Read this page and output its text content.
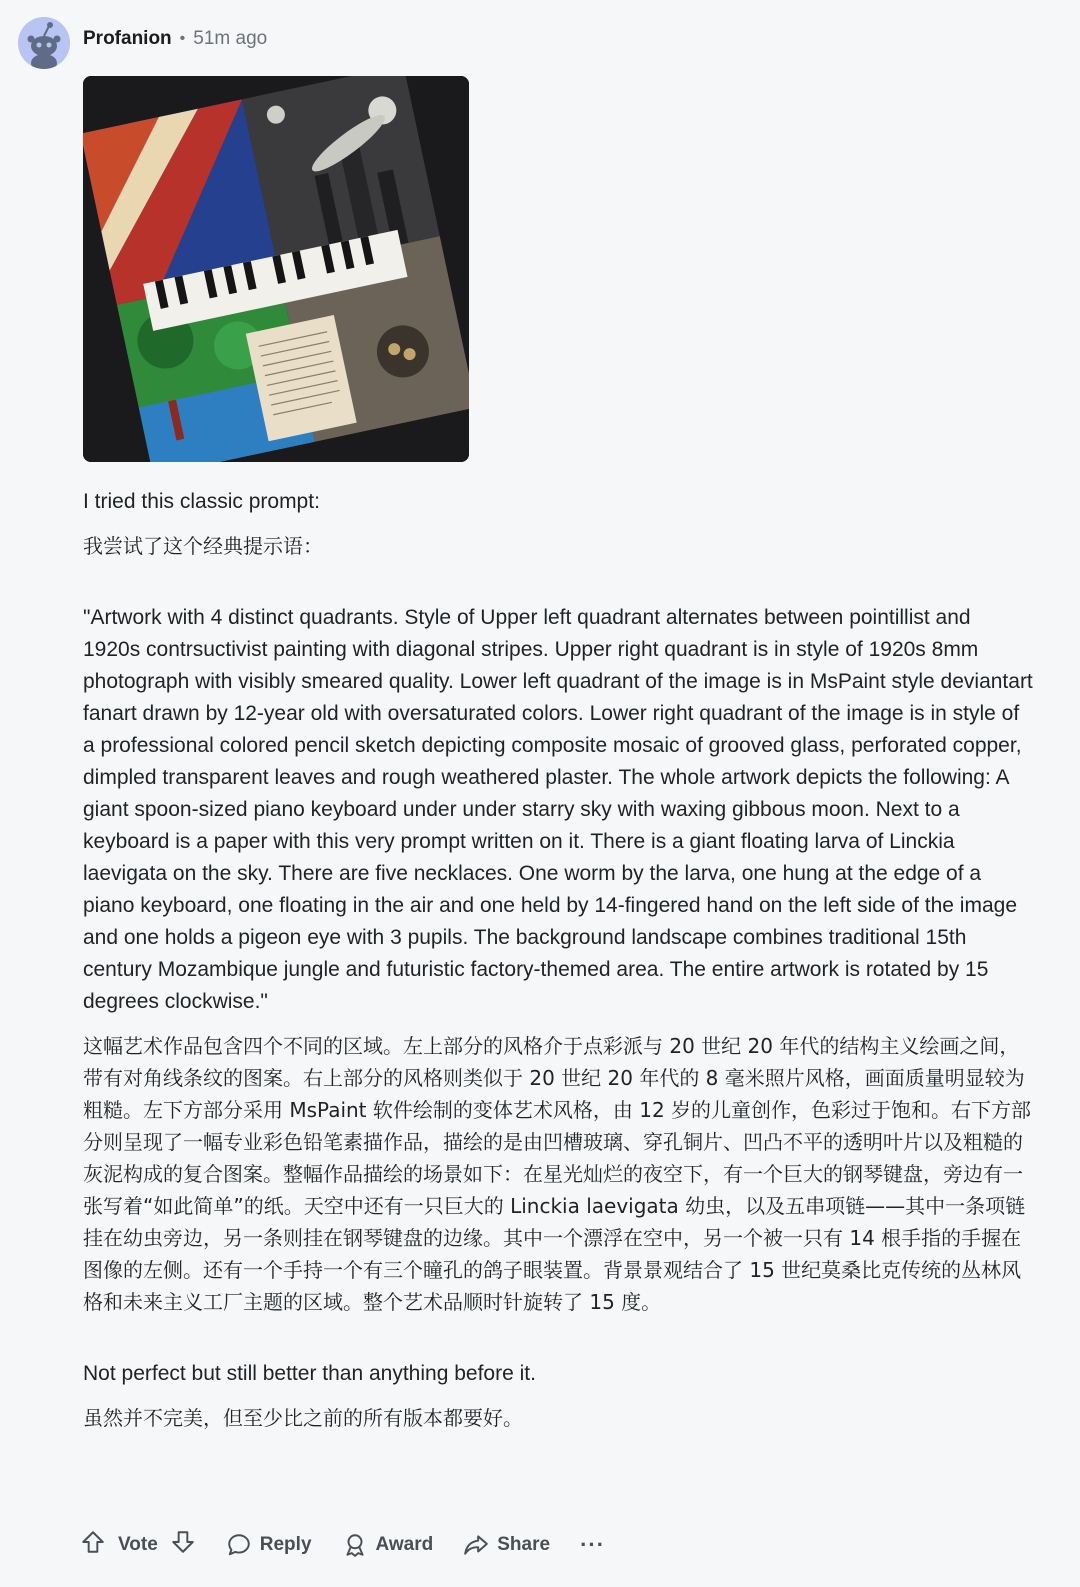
Profanion • 51m ago

I tried this classic prompt:

我尝试了这个经典提示语：

"Artwork with 4 distinct quadrants. Style of Upper left quadrant alternates between pointillist and 1920s contrsuctivist painting with diagonal stripes. Upper right quadrant is in style of 1920s 8mm photograph with visibly smeared quality. Lower left quadrant of the image is in MsPaint style deviantart fanart drawn by 12-year old with oversaturated colors. Lower right quadrant of the image is in style of a professional colored pencil sketch depicting composite mosaic of grooved glass, perforated copper, dimpled transparent leaves and rough weathered plaster. The whole artwork depicts the following: A giant spoon-sized piano keyboard under under starry sky with waxing gibbous moon. Next to a keyboard is a paper with this very prompt written on it. There is a giant floating larva of Linckia laevigata on the sky. There are five necklaces. One worm by the larva, one hung at the edge of a piano keyboard, one floating in the air and one held by 14-fingered hand on the left side of the image and one holds a pigeon eye with 3 pupils. The background landscape combines traditional 15th century Mozambique jungle and futuristic factory-themed area. The entire artwork is rotated by 15 degrees clockwise."

这幅艺术作品包含四个不同的区域。左上部分的风格介于点彩派与 20 世纪 20 年代的结构主义绘画之间，带有对角线条纹的图案。右上部分的风格则类似于 20 世纪 20 年代的 8 毫米照片风格，画面质量明显较为粗糙。左下方部分采用 MsPaint 软件绘制的变体艺术风格，由 12 岁的儿童创作，色彩过于饱和。右下方部分则呈现了一幅专业彩色铅笔素描作品，描绘的是由凹槽玻璃、穿孔铜片、凹凸不平的透明叶片以及粗糙的灰泥构成的复合图案。整幅作品描绘的场景如下：在星光灿烂的夜空下，有一个巨大的钢琴键盘，旁边有一张写着“如此简单”的纸。天空中还有一只巨大的 Linckia laevigata 幼虫，以及五串项链——其中一条项链挂在幼虫旁边，另一条则挂在钢琴键盘的边缘。其中一个漂浮在空中，另一个被一只有 14 根手指的手握在图像的左侧。还有一个手持一个有三个瞳孔的鸽子眼装置。背景景观结合了 15 世纪莫桑比克传统的丛林风格和未来主义工厂主题的区域。整个艺术品顺时针旋转了 15 度。

Not perfect but still better than anything before it.

虽然并不完美，但至少比之前的所有版本都要好。

Vote	Reply	Award	Share ···
